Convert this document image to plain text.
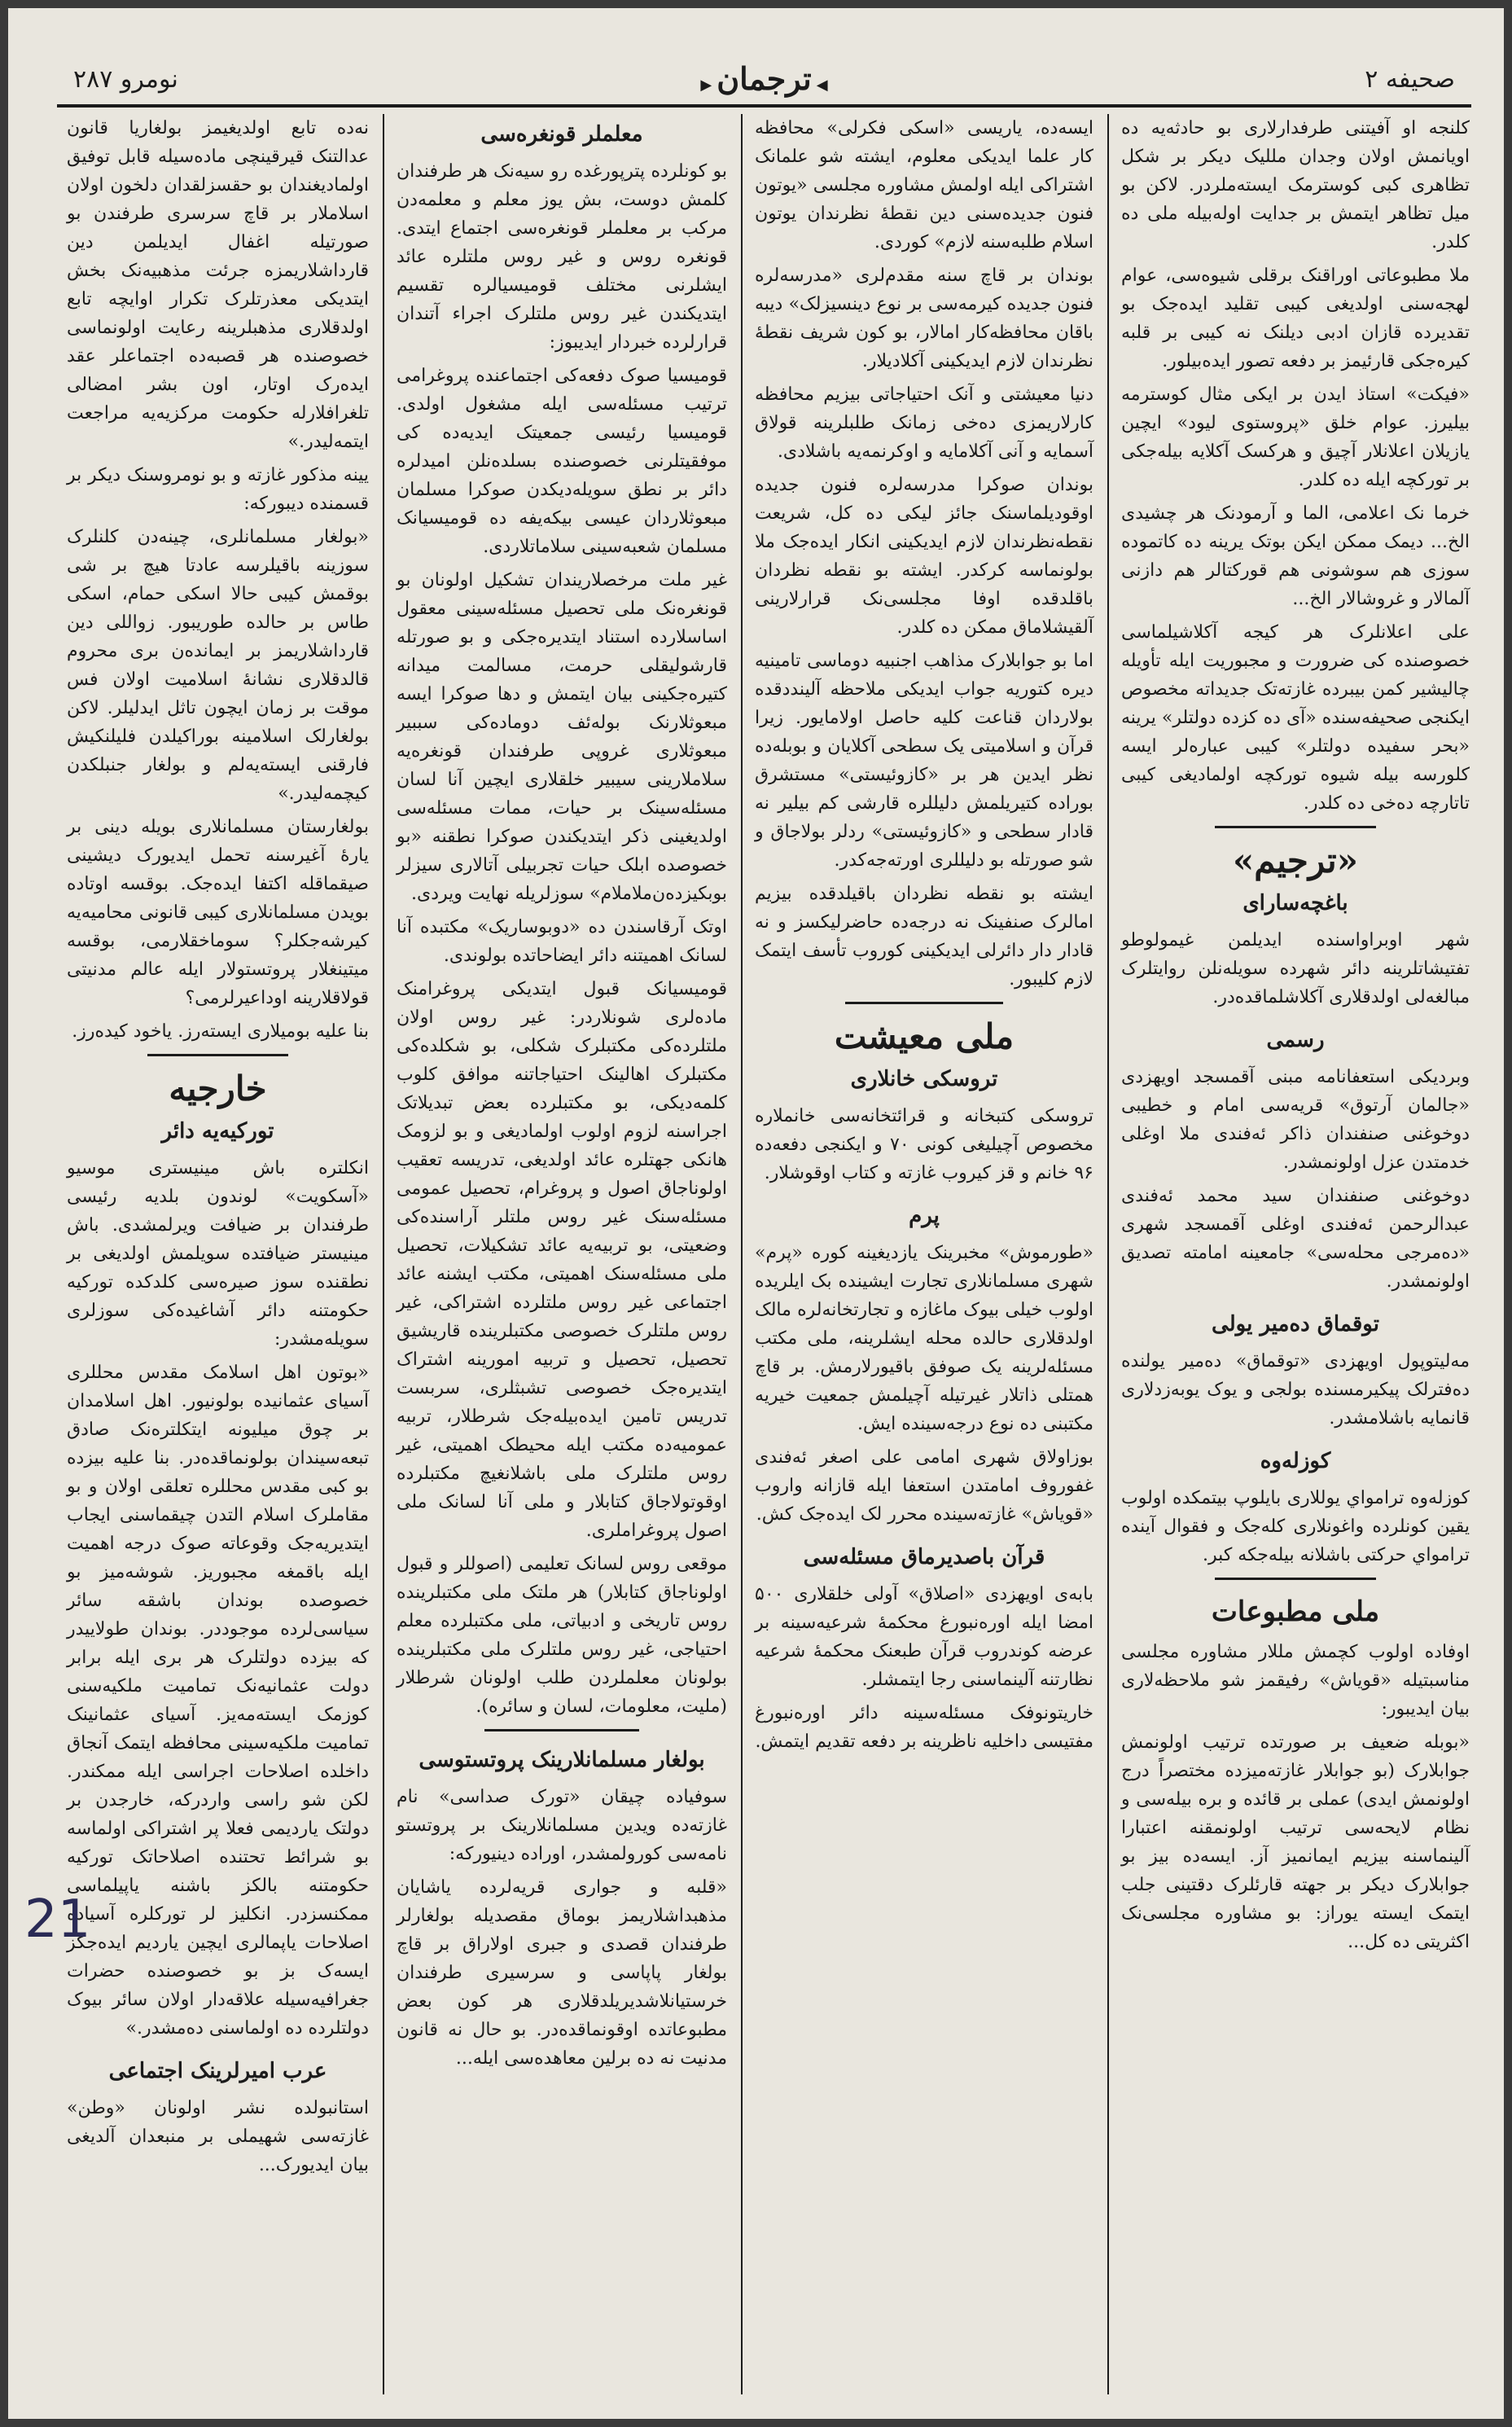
نومرو ۲۸۷	◀ترجمان▶	صحیفه ۲

کلنجه او آفیتنی طرفدارلاری بو حادثه‌یه ده اویانمش اولان وجدان مللیک دیکر بر شکل تظاهری کبی کوسترمک ایسته‌ملردر. لاکن بو میل تظاهر ایتمش بر جدایت اوله‌بیله ملی ده کلدر.

ملا مطبوعاتی اوراقنک برقلی شیوه‌سی، عوام لهجه‌سنی اولدیغی کیبی تقلید ایده‌جک بو تقدیرده قازان ادبی دیلنک نه کیبی بر قلبه کیره‌جکی قارئیمز بر دفعه تصور ایده‌بیلور.

«فیکت» استاذ ایدن بر ایکی مثال کوسترمه بیلیرز. عوام خلق «پروستوی لیود» ایچین یازیلان اعلانلار آچیق و هرکسک آکلایه بیله‌جکی بر تورکچه ایله ده کلدر.

خرما نک اعلامی، الما و آرمودنک هر چشیدی الخ... دیمک ممکن ایکن بوتک یرینه ده کاتموده سوزی هم سوشونی هم قورکتالر هم دازنی آلمالار و غروشالار الخ...

علی اعلانلرک هر کیجه آکلاشیلماسی خصوصنده کی ضرورت و مجبوریت ایله تأویله چالیشیر کمن بیبرده غازته‌تک جدیداته مخصوص ایکنجی صحیفه‌سنده «آی ده کزده دولتلر» یرینه «بحر سفیده دولتلر» کیبی عباره‌لر ایسه‌ کلورسه بیله شیوه تورکچه اولمادیغی کیبی تاتارچه ده‌خی ده کلدر.

«ترجیم»
باغچه‌سارای

شهر اوبراواسنده ایدیلمن غیمولوطو تفتیشاتلرینه دائر شهرده سویله‌نلن روایتلرک مبالغه‌لی اولدقلاری آکلاشلماقده‌در.

رسمی

وبردیکی استعفانامه مبنی آقمسجد اویهزدی «جالمان آرتوق» قریه‌سی امام و خطیبی دوخوغنی صنفندان ذاکر ئه‌فندی ملا اوغلی خدمتدن عزل اولونمشدر.

دوخوغنی صنفندان سید محمد ئه‌فندی عبدالرحمن ئه‌فندی اوغلی آقمسجد شهری «ده‌مرجی محله‌سی» جامعینه امامته تصدیق اولونمشدر.

توقماق ده‌میر یولی

مه‌لیتوپول اویهزدی «توقماق» ده‌میر یولنده ده‌فترلک پیکیرمسنده بولجی و یوک یوبه‌زدلاری قانمایه باشلامشدر.

کوزله‌وه

کوزله‌وه ترامواي یوللاری بایلوپ بیتمکده اولوب یقین کونلرده واغونلاری کله‌جک و فقوال آینده ترامواي حرکتی باشلانه بیله‌جکه کبر.

ملی مطبوعات

اوفاده اولوب کچمش مللار مشاوره مجلسی مناسبتیله «قویاش» رفیقمز شو ملاحظه‌لاری بیان ایدیبور:

«بوبله ضعیف بر صورتده ترتیب اولونمش جوابلارک (بو جوابلار غازته‌میزده مختصراً درج اولونمش ایدی) عملی بر قائده و بره بیله‌سی و نظام لایحه‌سی ترتیب اولونمقنه اعتبارا آلینماسنه بیزیم ایمانمیز آز. ایسه‌ده بیز بو جوابلارک دیکر بر جهته قارئلرک دقتینی جلب ایتمک ایسته یوراز: بو مشاوره مجلسی‌نک اکثریتی ده کل...

ایسه‌ده، یاریسی «اسکی فکرلی» محافظه کار علما ایدیکی معلوم، ایشته شو علمانک اشتراکی ایله اولمش مشاوره مجلسی «یوتون فنون جدیده‌سنی دین نقطهٔ نظرندان یوتون اسلام طلبه‌سنه لازم» کوردی.

بوندان بر قاچ سنه مقدم‌لری «مدرسه‌لره فنون جدیده کیرمه‌سی بر نوع دینسیزلک» دیبه باقان محافظه‌کار امالار، بو کون شریف نقطهٔ نظرندان لازم ایدیکینی آکلادیلار.

دنیا معیشتی و آنک احتیاجاتی بیزیم محافظه کارلاریمزی ده‌خی زمانک طلبلرینه قولاق آسمایه و آنی آکلامایه و اوکرنمه‌یه باشلادی.

بوندان صوکرا مدرسه‌لره فنون جدیده اوقودیلماسنک جائز لیکی ده کل، شریعت نقطه‌نظرندان لازم ایدیکینی انکار ایده‌جک ملا بولونماسه کرکدر. ایشته بو نقطه نظردان باقلدقده اوفا مجلسی‌نک قرارلارینی آلقیشلاماق ممکن ده کلدر.

اما بو جوابلارک مذاهب اجنبیه دوماسی تامینیه دیره کتوریه جواب ایدیکی ملاحظه آلینددقده بولاردان قناعت کلیه حاصل اولامایور. زیرا قرآن و اسلامیتی یک سطحی آکلایان و بوبله‌ده نظر ایدین هر بر «کازوئیستی» مستشرق بوراده کتیریلمش دلیللره قارشی کم بیلیر نه قادار سطحی و «کازوئیستی» ردلر بولاجاق و شو صورتله بو دلیللری اورته‌جه‌کدر.

ایشته بو نقطه نظردان باقیلدقده بیزیم امالرک صنفینک نه درجه‌ده حاضرلیکسز و نه قادار دار دائرلی ایدیکینی کوروب تأسف ایتمک لازم کلیبور.

ملی معیشت
تروسکی خانلاری

تروسکی کتبخانه و قرائتخانه‌سی خانملاره مخصوص آچیلیغی کونی ۷۰ و ایکنجی دفعه‌ده ۹۶ خانم و قز کیروب غازته و کتاب اوقوشلار.

پرم

«طورموش» مخبرینک یازدیغینه کوره «پرم» شهری مسلمانلاری تجارت ایشینده بک ایلریده اولوب خیلی بیوک ماغازه و تجارتخانه‌لره مالک اولدقلاری حالده محله ایشلرینه، ملی مکتب مسئله‌لرینه یک صوفق باقیورلارمش. بر قاچ همتلی ذاتلار غیرتیله آچیلمش جمعیت خیریه مکتبنی ده نوع درجه‌سینده ایش.

بوزاولاق شهری امامی علی اصغر ئه‌فندی غفوروف امامتدن استعفا ایله قازانه واروب «قویاش» غازته‌سینده محرر لک ایده‌جک کش.

قرآن باصدیرماق مسئله‌سی

بابه‌ی اویهزدی «اصلاق» آولی خلقلاری ۵۰۰ امضا ایله اوره‌نبورغ محکمهٔ شرعیه‌سینه بر عرضه کوندروب قرآن طبعنک محکمهٔ شرعیه نظارتنه آلینماسنی رجا ایتمشلر.

خاریتونوفک مسئله‌سینه دائر اوره‌نبورغ مفتیسی داخلیه ناظرینه بر دفعه تقدیم ایتمش.

معلملر قونغره‌سی

بو کونلرده پترپورغده رو سیه‌نک هر طرفندان کلمش دوست، بش یوز معلم و معلمه‌دن مرکب بر معلملر قونغره‌سی اجتماع ایتدی. قونغره روس و غیر روس ملتلره عائد ایشلرنی مختلف قومیسیالره تقسیم ایتدیکندن غیر روس ملتلرک اجراء آتندان قرارلرده خبردار ایدیبوز:

قومیسیا صوک دفعه‌کی اجتماعنده پروغرامی ترتیب مسئله‌سی ایله مشغول اولدی. قومیسیا رئیسی جمعیتک ایدیه‌ده کی موفقیتلرنی خصوصنده بسلده‌نلن امیدلره دائر بر نطق سویله‌دیکدن صوکرا مسلمان مبعوثلاردان عیسی بیکه‌یفه ده قومیسیانک مسلمان شعبه‌سینی سلاماتلاردی.

غیر ملت مرخصلاریندان تشکیل اولونان بو قونغره‌نک ملی تحصیل مسئله‌سینی معقول اساسلارده استناد ایتدیره‌جکی و بو صورتله قارشولیقلی حرمت، مسالمت میدانه کتیره‌جکینی بیان ایتمش و دها صوکرا ایسه مبعوثلارنک بوله‌ئف دوماده‌کی سببیر مبعوثلاری غروپی طرفندان قونغره‌یه سلاملارینی سیبیر خلقلاری ایچین آنا لسان مسئله‌سینک بر حیات، ممات مسئله‌سی اولدیغینی ذکر ایتدیکندن صوکرا نطقنه «بو خصوصده ابلک حیات تجربیلی آتالاری سیزلر بوبکیزده‌ن‌ملاملام» سوزلریله نهایت ویردی.

اوتک آرقاسندن ده «دوبوساریک» مکتبده آنا لسانک اهمیتنه دائر ایضاحاتده بولوندی.

قومیسیانک قبول ایتدیکی پروغرامنک ماده‌لری شونلاردر: غیر روس اولان ملتلرده‌کی مکتبلرک شکلی، بو شکلده‌کی مکتبلرک اهالینک احتیاجاتنه موافق کلوب کلمه‌دیکی، بو مکتبلرده بعض تبدیلاتک اجراسنه لزوم اولوب اولمادیغی و بو لزومک هانکی جهتلره عائد اولدیغی، تدریسه تعقیب اولوناجاق اصول و پروغرام، تحصیل عمومی مسئله‌سنک غیر روس ملتلر آراسنده‌کی وضعیتی، بو تربیه‌یه عائد تشکیلات، تحصیل ملی مسئله‌سنک اهمیتی، مکتب ایشنه عائد اجتماعی غیر روس ملتلرده اشتراکی، غیر روس ملتلرک خصوصی مکتبلرینده قاریشیق تحصیل، تحصیل و تربیه امورینه اشتراک ایتدیره‌جک خصوصی تشبثلری، سربست تدریس تامین ایده‌بیله‌جک شرطلار، تربیه عمومیه‌ده مکتب ایله محیطک اهمیتی، غیر روس ملتلرک ملی باشلانغیچ مکتبلرده اوقوتولاجاق کتابلار و ملی آنا لسانک ملی اصول پروغراملری.

موقعی روس لسانک تعلیمی (اصوللر و قبول اولوناجاق کتابلار) هر ملتک ملی مکتبلرینده روس تاریخی و ادبیاتی، ملی مکتبلرده معلم احتیاجی، غیر روس ملتلرک ملی مکتبلرینده بولونان معلملردن طلب اولونان شرطلار (ملیت، معلومات، لسان و سائره).

بولغار مسلمانلارینک پروتستوسی

سوفیاده چیقان «تورک صداسی» نام غازته‌ده ویدین مسلمانلارینک بر پروتستو نامه‌سی کورولمشدر، اوراده دینیورکه:

«قلبه و جواری قریه‌لرده یاشایان مذهبداشلاریمز بوماق مقصدیله بولغارلر طرفندان قصدی و جبری اولاراق بر قاچ بولغار پاپاسی و سرسیری طرفندان خرستیانلاشدیریلدقلاری هر کون بعض مطبوعاتده اوقونماقده‌در. بو حال نه قانون مدنیت نه ده برلین معاهده‌سی ایله...

نه‌ده تابع اولدیغیمز بولغاریا قانون عدالتنک قیرقینچی ماده‌سیله قابل توفیق اولمادیغندان بو حقسزلقدان دلخون اولان اسلاملار بر قاچ سرسری طرفندن بو صورتیله اغفال ایدیلمن دین قارداشلاریمزه جرئت مذهبیه‌نک بخش ایتدیکی معذرتلرک تکرار اوایچه تابع اولدقلاری مذهبلرینه رعایت اولونماسی خصوصنده هر قصبه‌ده اجتماعلر عقد ایده‌رک اوتار، اون بشر امضالی تلغرافلارله حکومت مرکزیه‌یه مراجعت ایتمه‌لیدر.»

یینه مذکور غازته و بو نومروسنک دیکر بر قسمنده دیبورکه:

«بولغار مسلمانلری، چینه‌دن کلنلرک سوزینه باقیلرسه عادتا هیچ بر شی بوقمش کیبی حالا اسکی حمام، اسکی طاس بر حالده طوریبور. زواللی دین قارداشلاریمز بر ایمانده‌ن بری محروم قالدقلاری نشانهٔ اسلامیت اولان فس موقت بر زمان ایچون تاثل ایدلیلر. لاکن بولغارلک اسلامینه بوراکیلدن فلیلنکیش فارقنی ایسته‌یه‌لم و بولغار جنبلکدن کیچمه‌لیدر.»

بولغارستان مسلمانلاری بویله دینی بر یارهٔ آغیرسنه تحمل ایدیورک دیشینی صیقماقله اکتفا ایده‌جک. بوقسه اوتاده بویدن مسلمانلاری کیبی قانونی محامیه‌یه کیرشه‌جکلر؟ سوماخقلارمی، بوقسه میتینغلار پروتستولار ایله عالم مدنیتی قولاقلارینه اوداعیرلرمی؟

بنا علیه بومیلاری ایسته‌رز. یاخود کیده‌رز.

خارجیه
تورکیه‌یه دائر

انکلتره باش مینیستری موسیو «آسکویت» لوندون بلدیه رئیسی طرفندان بر ضیافت ویرلمشدی. باش مینیستر ضیافتده سویلمش اولدیغی بر نطقنده سوز صیره‌سی کلدکده تورکیه حکومتنه دائر آشاغیده‌کی سوزلری سویله‌مشدر:

«بوتون اهل اسلامک مقدس محللری آسیای عثمانیده بولونیور. اهل اسلامدان بر چوق میلیونه ایتکلتره‌نک صادق تبعه‌سیندان بولونماقده‌در. بنا علیه بیزده بو کبی مقدس محللره تعلقی اولان و بو مقاملرک اسلام التدن چیقماسنی ایجاب ایتدیریه‌جک وقوعاته صوک درجه اهمیت ایله باقمغه مجبوریز. شوشه‌میز بو خصوصده بوندان باشقه سائر سیاسی‌لرده موجوددر. بوندان طولاییدر که بیزده دولتلرک هر بری ایله برابر دولت عثمانیه‌نک تمامیت ملکیه‌سنی کوزمک ایسته‌مه‌یز. آسیای عثمانینک تمامیت ملکیه‌سینی محافظه ایتمک آنجاق داخلده اصلاحات اجراسی ایله ممکندر. لکن شو راسی واردرکه، خارجدن بر دولتک یاردیمی فعلا پر اشتراکی اولماسه بو شرائط تحتنده اصلاحاتک تورکیه حکومتنه بالکز باشنه یاپیلماسی ممکنسزدر. انکلیز لر تورکلره آسیاده اصلاحات یاپمالری ایچین یاردیم ایده‌جکز ایسه‌ک بز بو خصوصنده حضرات جغرافیه‌سیله علاقه‌دار اولان سائر بیوک دولتلرده ده اولماسنی ده‌مشدر.»

عرب امیرلرینک اجتماعی

استانبولده نشر اولونان «وطن» غازته‌سی شهیملی بر منبعدان آلدیغی بیان ایدیورک...

21
